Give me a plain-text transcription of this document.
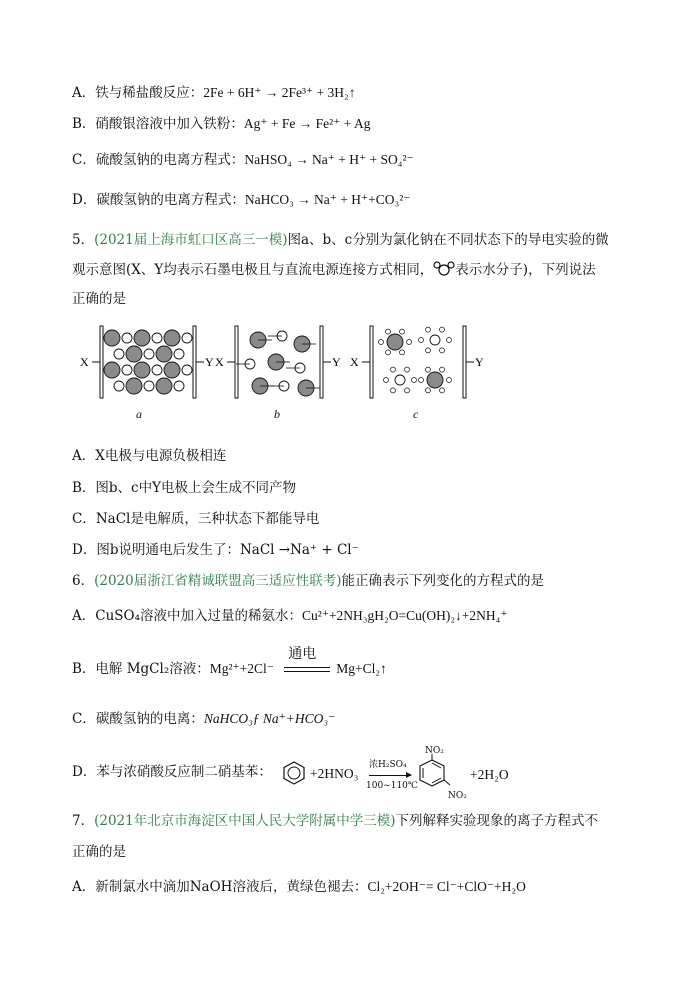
A．铁与稀盐酸反应：2Fe + 6H⁺ → 2Fe³⁺ + 3H₂↑
B．硝酸银溶液中加入铁粉：Ag⁺ + Fe → Fe²⁺ + Ag
C．硫酸氢钠的电离方程式：NaHSO₄ → Na⁺ + H⁺ + SO₄²⁻
D．碳酸氢钠的电离方程式：NaHCO₃ → Na⁺ + H⁺+CO₃²⁻
5．(2021届上海市虹口区高三一模)图a、b、c分别为氯化钠在不同状态下的导电实验的微
观示意图(X、Y均表示石墨电极且与直流电源连接方式相同， 表示水分子)，下列说法
正确的是
X	Y X	Y X	Y
a	b	c
A．X电极与电源负极相连
B．图b、c中Y电极上会生成不同产物
C．NaCl是电解质，三种状态下都能导电
D．图b说明通电后发生了：NaCl →Na⁺ + Cl⁻
6．(2020届浙江省精诚联盟高三适应性联考)能正确表示下列变化的方程式的是
A．CuSO₄溶液中加入过量的稀氨水：Cu²⁺+2NH₃gH₂O=Cu(OH)₂↓+2NH₄⁺
B．电解 MgCl₂溶液：Mg²⁺+2Cl⁻
通电
Mg+Cl₂↑
C．碳酸氢钠的电离：NaHCO₃ƒ Na⁺+HCO₃⁻
D．苯与浓硝酸反应制二硝基苯：	+2HNO₃
浓H₂SO₄
100~110℃
NO₂
NO₂
+2H₂O
7．(2021年北京市海淀区中国人民大学附属中学三模)下列解释实验现象的离子方程式不
正确的是
A．新制氯水中滴加NaOH溶液后，黄绿色褪去：Cl₂+2OH⁻= Cl⁻+ClO⁻+H₂O
